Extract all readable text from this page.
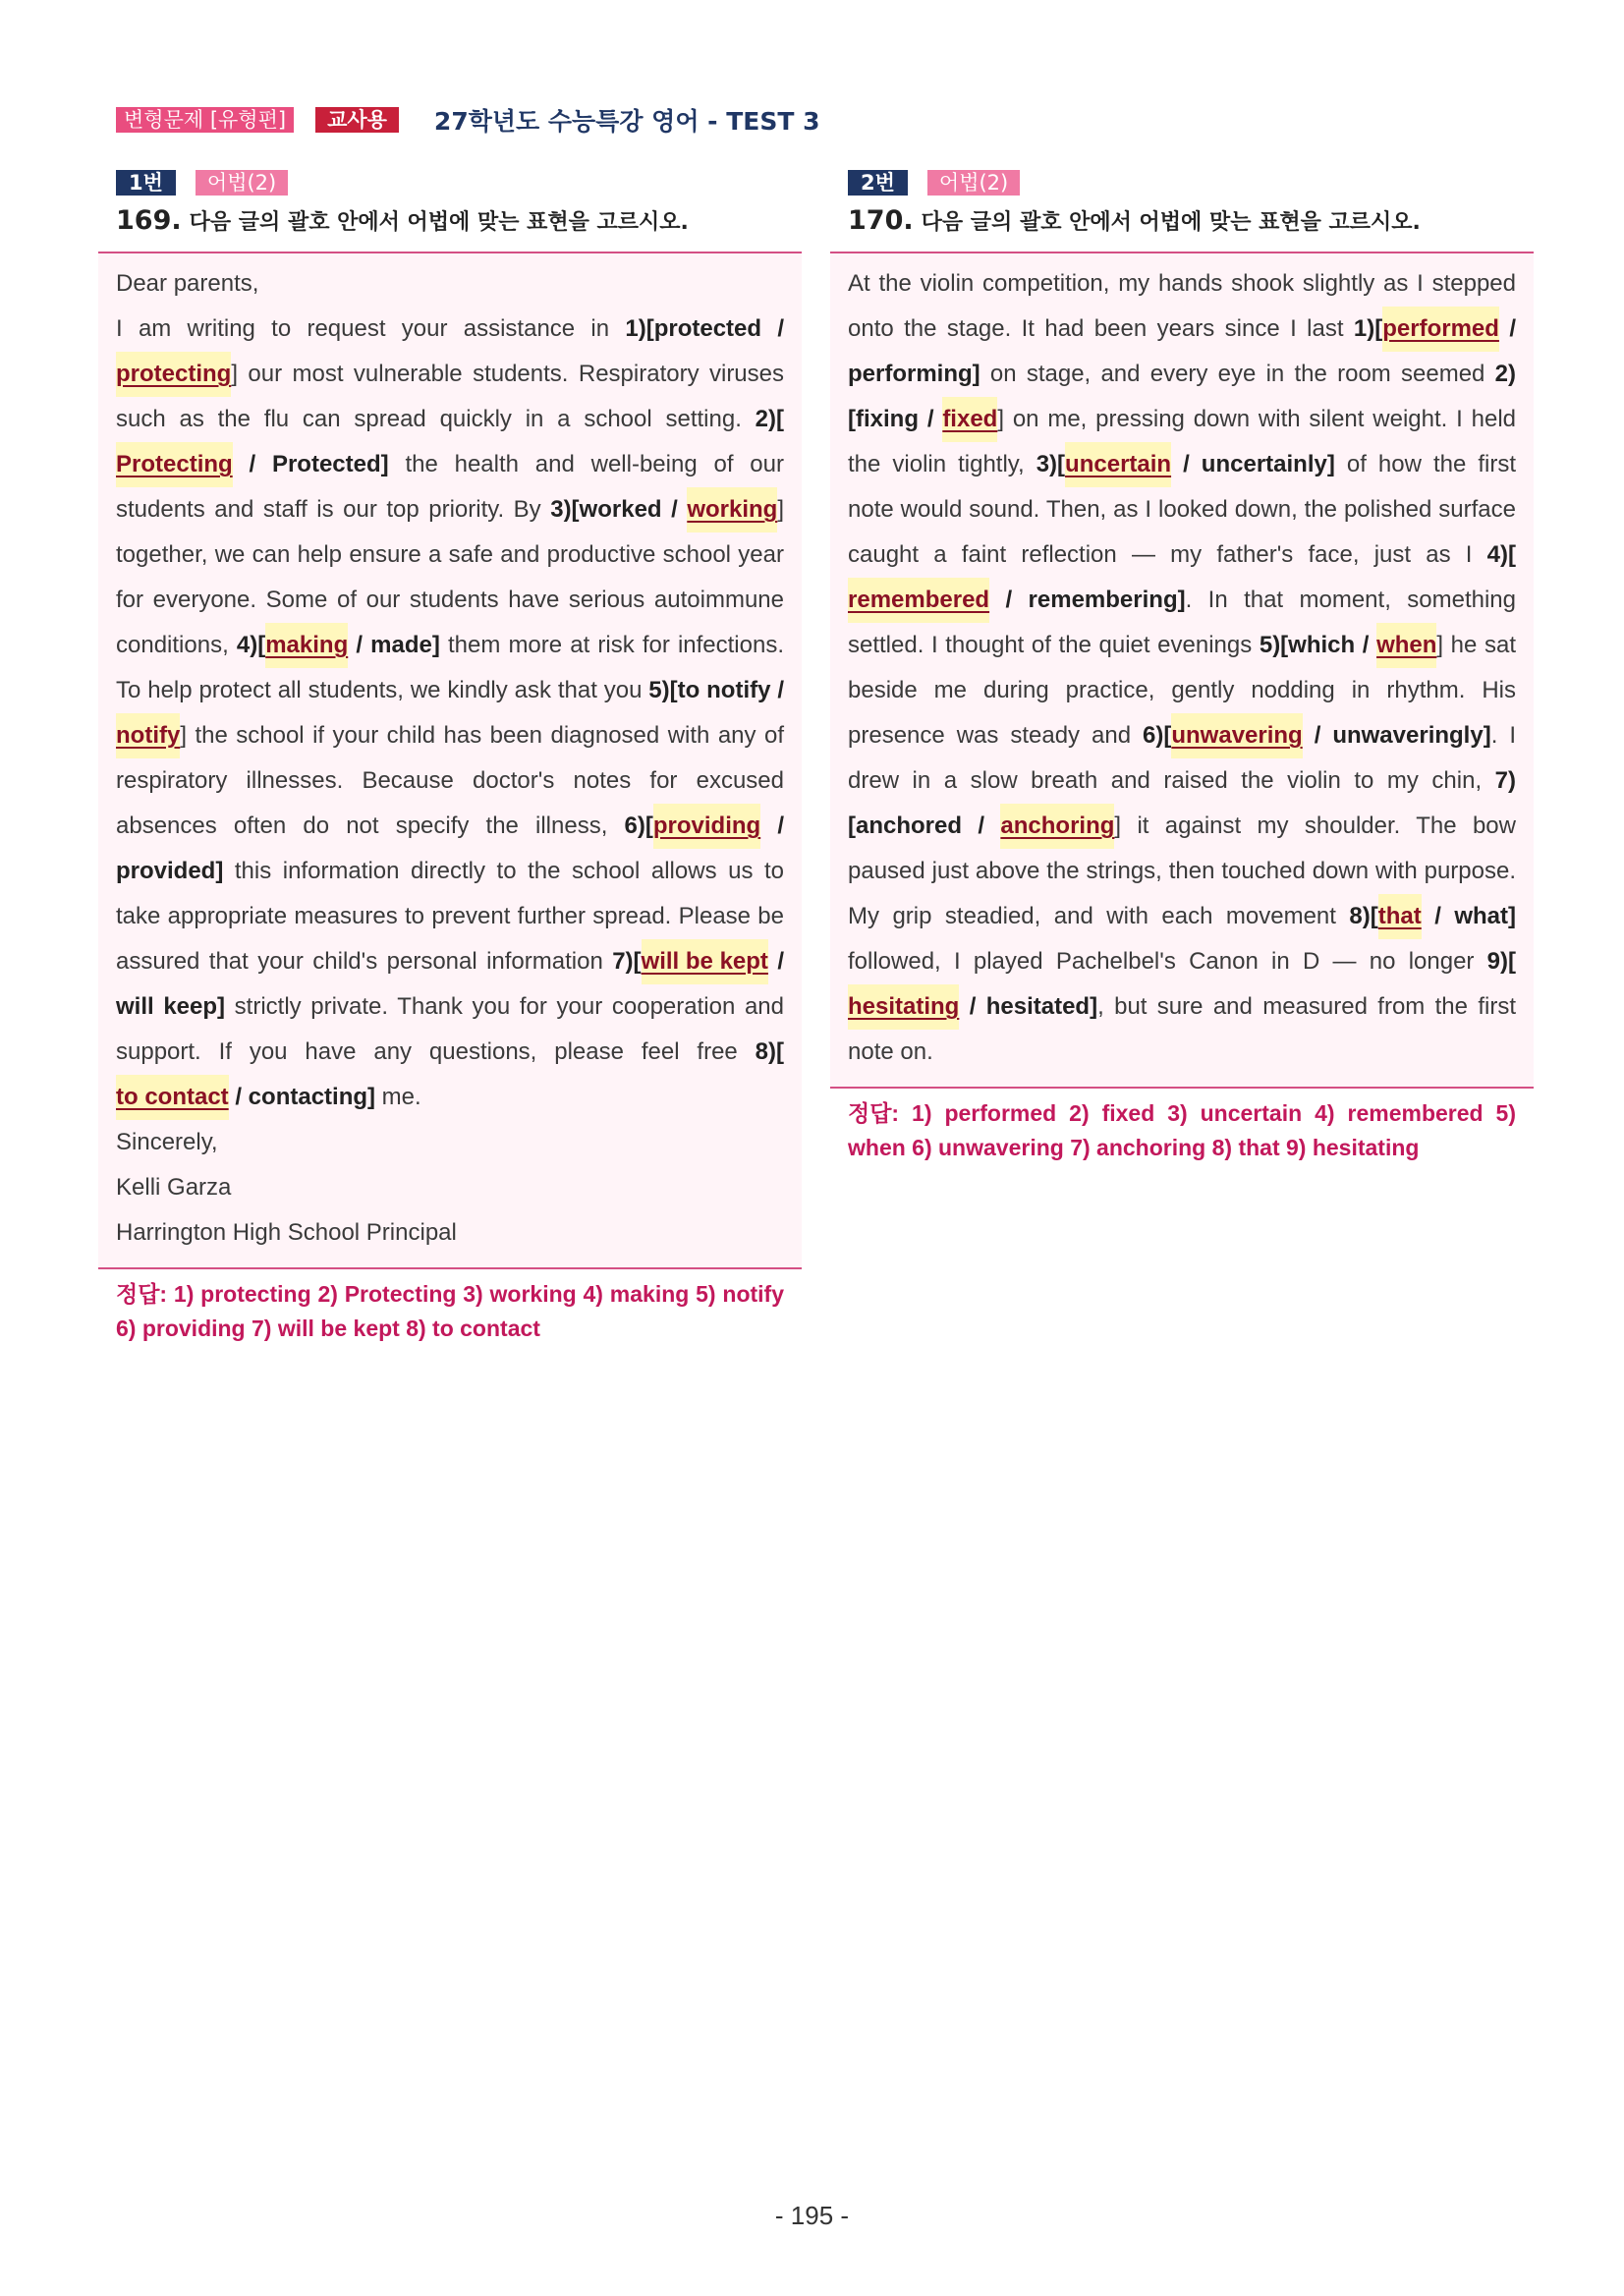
변형문제 [유형편]	교사용	27학년도 수능특강 영어 - TEST 3
1번	어법(2)
169. 다음 글의 괄호 안에서 어법에 맞는 표현을 고르시오.

Dear parents,

I am writing to request your assistance in 1)[protected / protecting] our most vulnerable students. Respiratory viruses such as the flu can spread quickly in a school setting. 2)[Protecting / Protected] the health and well-being of our students and staff is our top priority. By 3)[worked / working] together, we can help ensure a safe and productive school year for everyone. Some of our students have serious autoimmune conditions, 4)[making / made] them more at risk for infections. To help protect all students, we kindly ask that you 5)[to notify / notify] the school if your child has been diagnosed with any of respiratory illnesses. Because doctor's notes for excused absences often do not specify the illness, 6)[providing / provided] this information directly to the school allows us to take appropriate measures to prevent further spread. Please be assured that your child's personal information 7)[will be kept / will keep] strictly private. Thank you for your cooperation and support. If you have any questions, please feel free 8)[to contact / contacting] me.

Sincerely,

Kelli Garza

Harrington High School Principal

정답: 1) protecting 2) Protecting 3) working 4) making 5) notify 6) providing 7) will be kept 8) to contact
2번	어법(2)
170. 다음 글의 괄호 안에서 어법에 맞는 표현을 고르시오.

At the violin competition, my hands shook slightly as I stepped onto the stage. It had been years since I last 1)[performed / performing] on stage, and every eye in the room seemed 2)[fixing / fixed] on me, pressing down with silent weight. I held the violin tightly, 3)[uncertain / uncertainly] of how the first note would sound. Then, as I looked down, the polished surface caught a faint reflection — my father's face, just as I 4)[remembered / remembering]. In that moment, something settled. I thought of the quiet evenings 5)[which / when] he sat beside me during practice, gently nodding in rhythm. His presence was steady and 6)[unwavering / unwaveringly]. I drew in a slow breath and raised the violin to my chin, 7)[anchored / anchoring] it against my shoulder. The bow paused just above the strings, then touched down with purpose. My grip steadied, and with each movement 8)[that / what] followed, I played Pachelbel's Canon in D — no longer 9)[hesitating / hesitated], but sure and measured from the first note on.

정답: 1) performed 2) fixed 3) uncertain 4) remembered 5) when 6) unwavering 7) anchoring 8) that 9) hesitating
- 195 -
